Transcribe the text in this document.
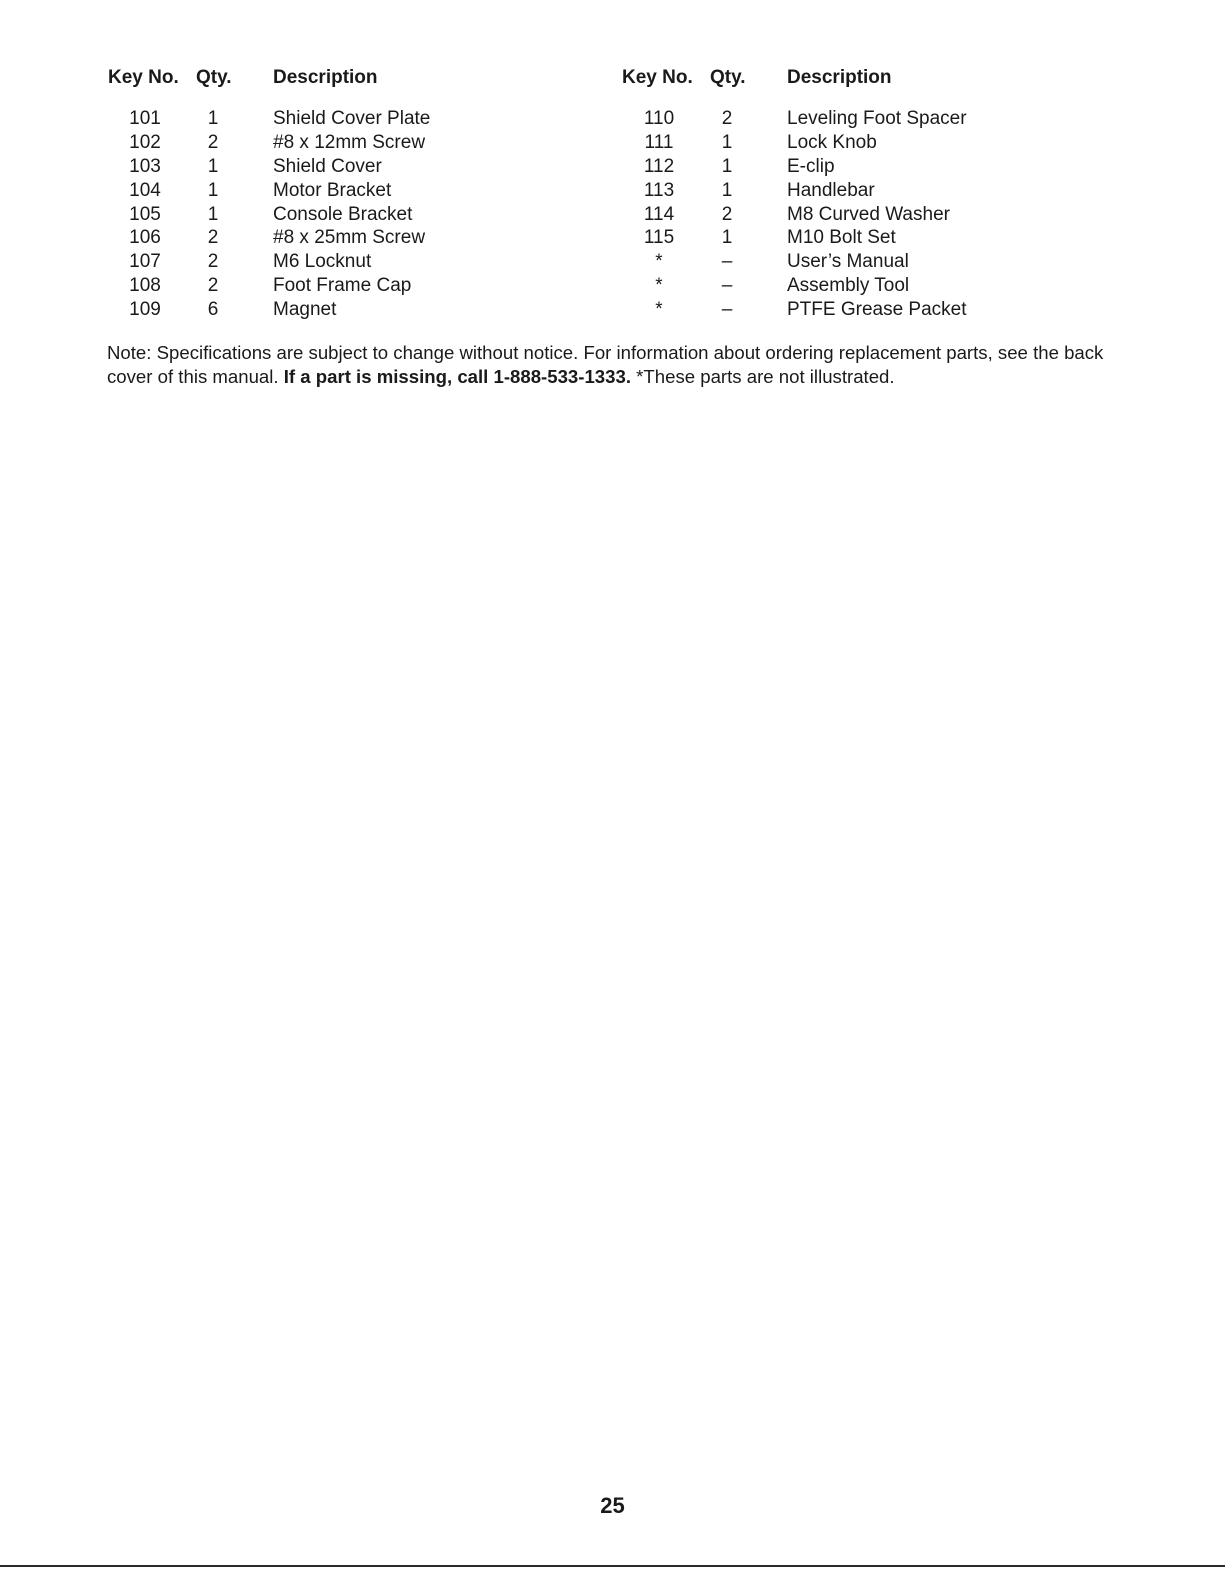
Key No. Qty. Description
101	1	Shield Cover Plate
102	2	#8 x 12mm Screw
103	1	Shield Cover
104	1	Motor Bracket
105	1	Console Bracket
106	2	#8 x 25mm Screw
107	2	M6 Locknut
108	2	Foot Frame Cap
109	6	Magnet
Key No. Qty. Description
110	2	Leveling Foot Spacer
111	1	Lock Knob
112	1	E-clip
113	1	Handlebar
114	2	M8 Curved Washer
115	1	M10 Bolt Set
*	–	User’s Manual
*	–	Assembly Tool
*	–	PTFE Grease Packet

Note: Specifications are subject to change without notice. For information about ordering replacement parts, see the back cover of this manual. If a part is missing, call 1-888-533-1333. *These parts are not illustrated.

25
